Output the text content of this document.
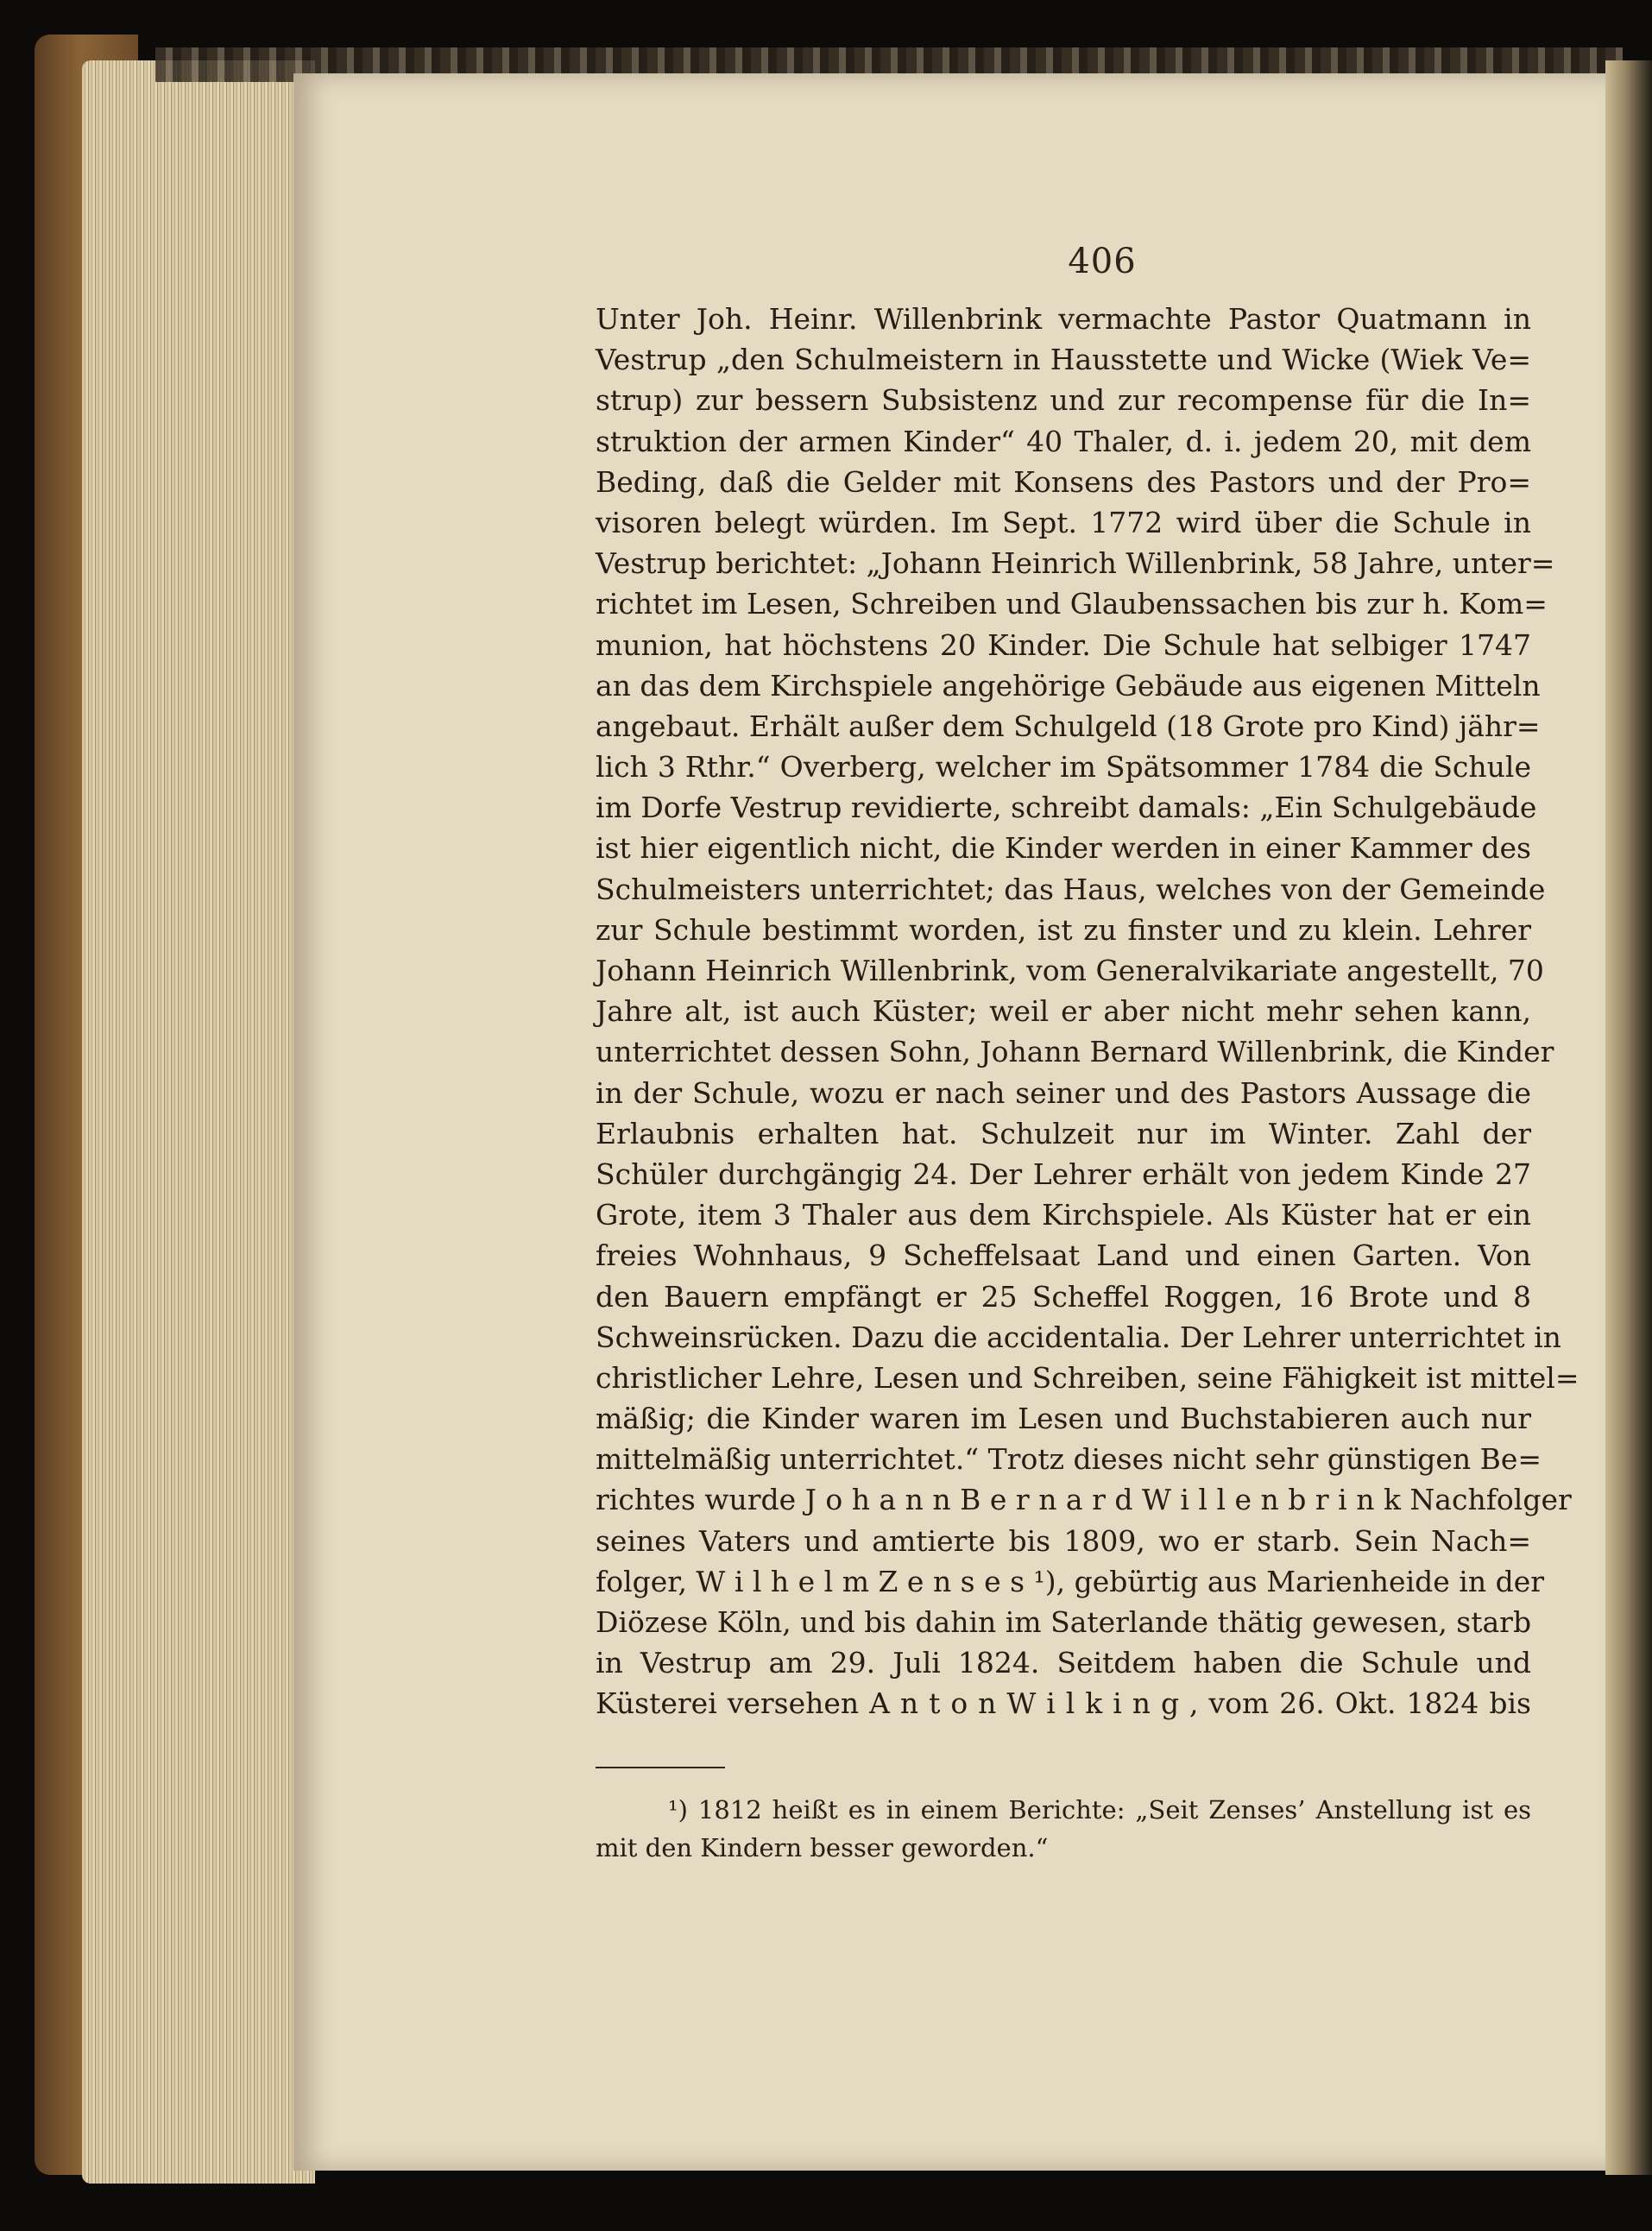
406
Unter Joh. Heinr. Willenbrink vermachte Pastor Quatmann in
Vestrup „den Schulmeistern in Hausstette und Wicke (Wiek Ve=
strup) zur bessern Subsistenz und zur recompense für die In=
struktion der armen Kinder“ 40 Thaler, d. i. jedem 20, mit dem
Beding, daß die Gelder mit Konsens des Pastors und der Pro=
visoren belegt würden. Im Sept. 1772 wird über die Schule in
Vestrup berichtet: „Johann Heinrich Willenbrink, 58 Jahre, unter=
richtet im Lesen, Schreiben und Glaubenssachen bis zur h. Kom=
munion, hat höchstens 20 Kinder. Die Schule hat selbiger 1747
an das dem Kirchspiele angehörige Gebäude aus eigenen Mitteln
angebaut. Erhält außer dem Schulgeld (18 Grote pro Kind) jähr=
lich 3 Rthr.“ Overberg, welcher im Spätsommer 1784 die Schule
im Dorfe Vestrup revidierte, schreibt damals: „Ein Schulgebäude
ist hier eigentlich nicht, die Kinder werden in einer Kammer des
Schulmeisters unterrichtet; das Haus, welches von der Gemeinde
zur Schule bestimmt worden, ist zu finster und zu klein. Lehrer
Johann Heinrich Willenbrink, vom Generalvikariate angestellt, 70
Jahre alt, ist auch Küster; weil er aber nicht mehr sehen kann,
unterrichtet dessen Sohn, Johann Bernard Willenbrink, die Kinder
in der Schule, wozu er nach seiner und des Pastors Aussage die
Erlaubnis erhalten hat. Schulzeit nur im Winter. Zahl der
Schüler durchgängig 24. Der Lehrer erhält von jedem Kinde 27
Grote, item 3 Thaler aus dem Kirchspiele. Als Küster hat er ein
freies Wohnhaus, 9 Scheffelsaat Land und einen Garten. Von
den Bauern empfängt er 25 Scheffel Roggen, 16 Brote und 8
Schweinsrücken. Dazu die accidentalia. Der Lehrer unterrichtet in
christlicher Lehre, Lesen und Schreiben, seine Fähigkeit ist mittel=
mäßig; die Kinder waren im Lesen und Buchstabieren auch nur
mittelmäßig unterrichtet.“ Trotz dieses nicht sehr günstigen Be=
richtes wurde J o h a n n B e r n a r d W i l l e n b r i n k Nachfolger
seines Vaters und amtierte bis 1809, wo er starb. Sein Nach=
folger, W i l h e l m Z e n s e s ¹), gebürtig aus Marienheide in der
Diözese Köln, und bis dahin im Saterlande thätig gewesen, starb
in Vestrup am 29. Juli 1824. Seitdem haben die Schule und
Küsterei versehen A n t o n W i l k i n g , vom 26. Okt. 1824 bis
¹) 1812 heißt es in einem Berichte: „Seit Zenses’ Anstellung ist es
mit den Kindern besser geworden.“
